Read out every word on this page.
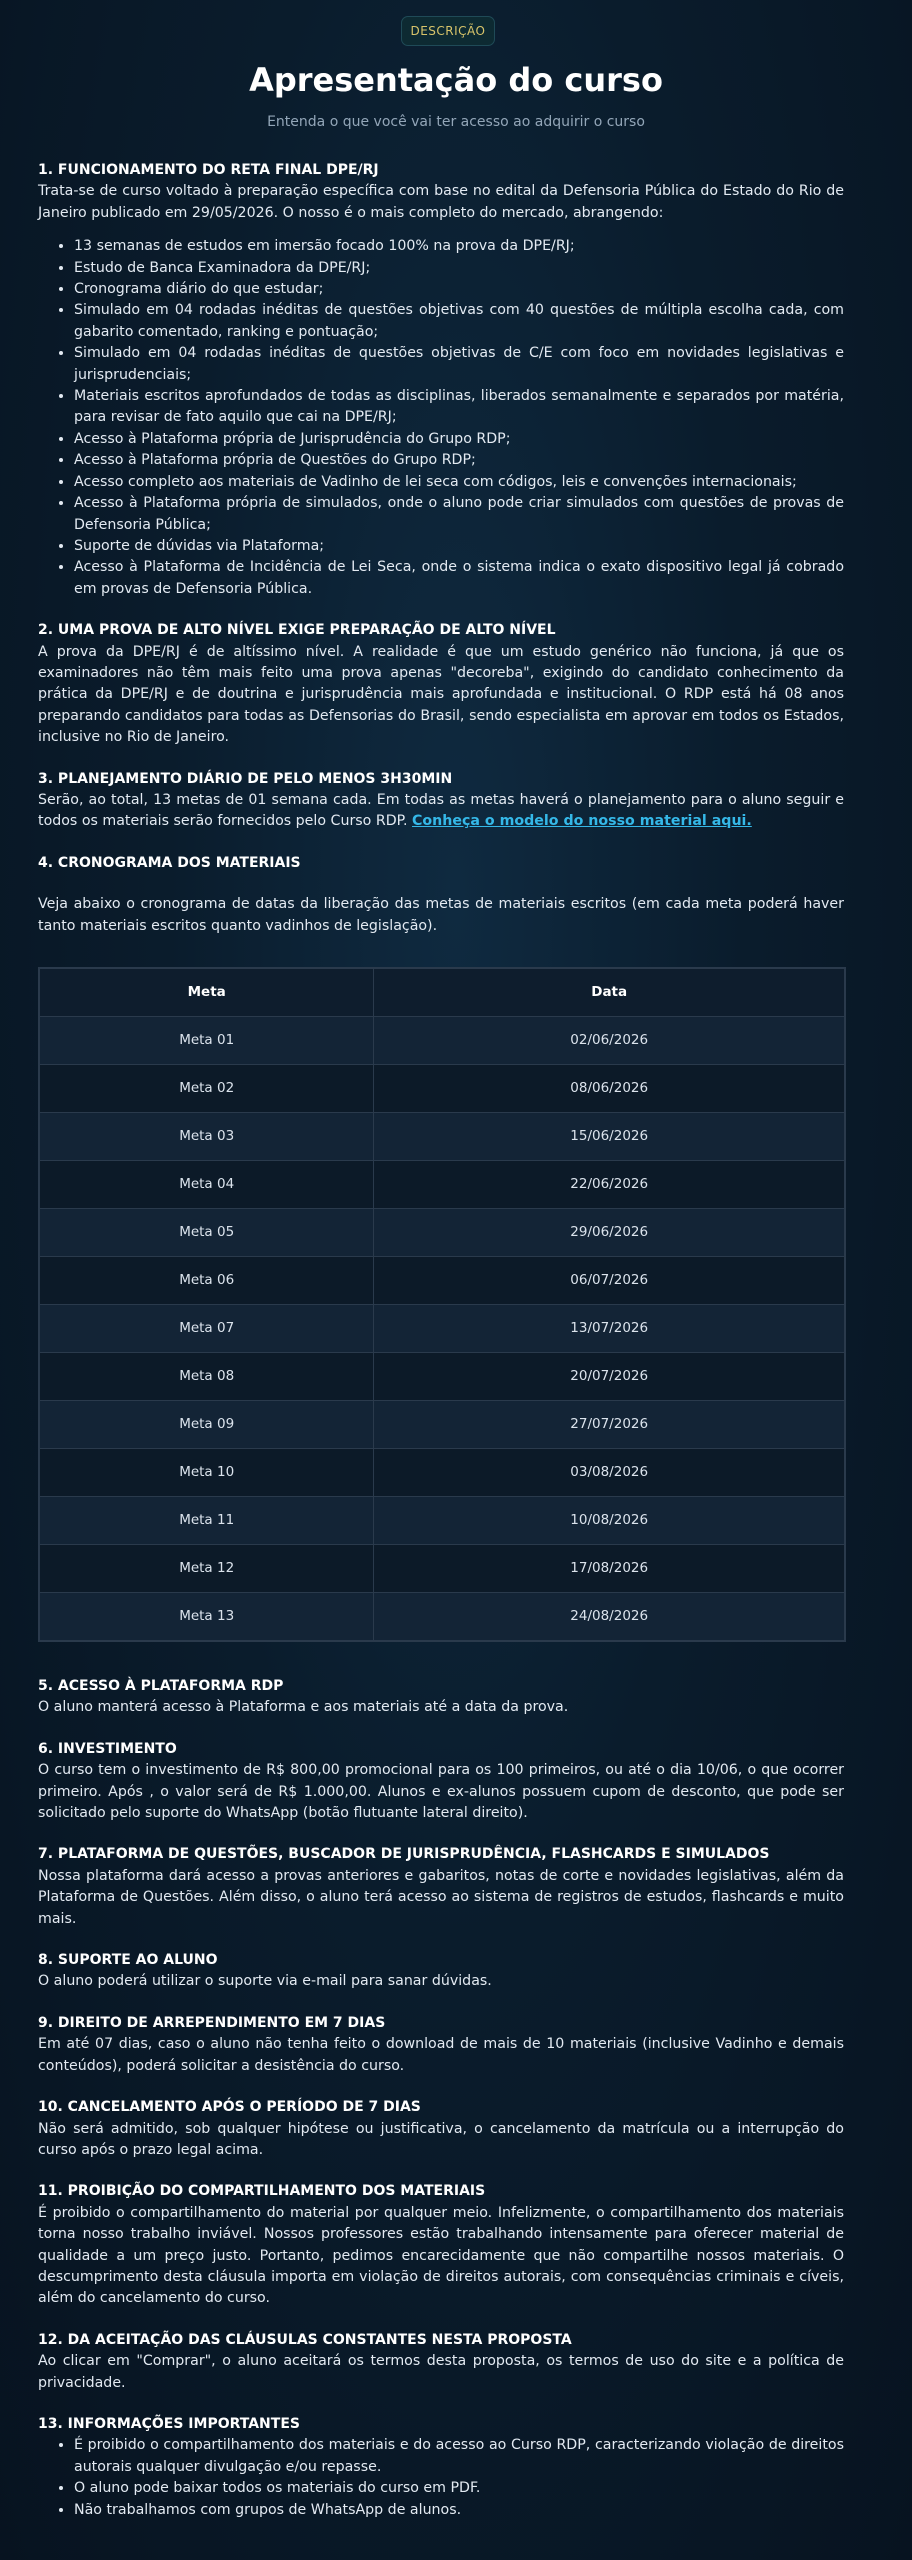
DESCRIÇÃO
Apresentação do curso
Entenda o que você vai ter acesso ao adquirir o curso

1. FUNCIONAMENTO DO RETA FINAL DPE/RJ

Trata-se de curso voltado à preparação específica com base no edital da Defensoria Pública do Estado do Rio de Janeiro publicado em 29/05/2026. O nosso é o mais completo do mercado, abrangendo:

• 13 semanas de estudos em imersão focado 100% na prova da DPE/RJ;
• Estudo de Banca Examinadora da DPE/RJ;
• Cronograma diário do que estudar;
• Simulado em 04 rodadas inéditas de questões objetivas com 40 questões de múltipla escolha cada, com gabarito comentado, ranking e pontuação;
• Simulado em 04 rodadas inéditas de questões objetivas de C/E com foco em novidades legislativas e jurisprudenciais;
• Materiais escritos aprofundados de todas as disciplinas, liberados semanalmente e separados por matéria, para revisar de fato aquilo que cai na DPE/RJ;
• Acesso à Plataforma própria de Jurisprudência do Grupo RDP;
• Acesso à Plataforma própria de Questões do Grupo RDP;
• Acesso completo aos materiais de Vadinho de lei seca com códigos, leis e convenções internacionais;
• Acesso à Plataforma própria de simulados, onde o aluno pode criar simulados com questões de provas de Defensoria Pública;
• Suporte de dúvidas via Plataforma;
• Acesso à Plataforma de Incidência de Lei Seca, onde o sistema indica o exato dispositivo legal já cobrado em provas de Defensoria Pública.

2. UMA PROVA DE ALTO NÍVEL EXIGE PREPARAÇÃO DE ALTO NÍVEL

A prova da DPE/RJ é de altíssimo nível. A realidade é que um estudo genérico não funciona, já que os examinadores não têm mais feito uma prova apenas "decoreba", exigindo do candidato conhecimento da prática da DPE/RJ e de doutrina e jurisprudência mais aprofundada e institucional. O RDP está há 08 anos preparando candidatos para todas as Defensorias do Brasil, sendo especialista em aprovar em todos os Estados, inclusive no Rio de Janeiro.

3. PLANEJAMENTO DIÁRIO DE PELO MENOS 3H30MIN

Serão, ao total, 13 metas de 01 semana cada. Em todas as metas haverá o planejamento para o aluno seguir e todos os materiais serão fornecidos pelo Curso RDP. Conheça o modelo do nosso material aqui.

4. CRONOGRAMA DOS MATERIAIS

Veja abaixo o cronograma de datas da liberação das metas de materiais escritos (em cada meta poderá haver tanto materiais escritos quanto vadinhos de legislação).

Meta	Data
Meta 01	02/06/2026
Meta 02	08/06/2026
Meta 03	15/06/2026
Meta 04	22/06/2026
Meta 05	29/06/2026
Meta 06	06/07/2026
Meta 07	13/07/2026
Meta 08	20/07/2026
Meta 09	27/07/2026
Meta 10	03/08/2026
Meta 11	10/08/2026
Meta 12	17/08/2026
Meta 13	24/08/2026

5. ACESSO À PLATAFORMA RDP

O aluno manterá acesso à Plataforma e aos materiais até a data da prova.

6. INVESTIMENTO

O curso tem o investimento de R$ 800,00 promocional para os 100 primeiros, ou até o dia 10/06, o que ocorrer primeiro. Após , o valor será de R$ 1.000,00. Alunos e ex-alunos possuem cupom de desconto, que pode ser solicitado pelo suporte do WhatsApp (botão flutuante lateral direito).

7. PLATAFORMA DE QUESTÕES, BUSCADOR DE JURISPRUDÊNCIA, FLASHCARDS E SIMULADOS

Nossa plataforma dará acesso a provas anteriores e gabaritos, notas de corte e novidades legislativas, além da Plataforma de Questões. Além disso, o aluno terá acesso ao sistema de registros de estudos, flashcards e muito mais.

8. SUPORTE AO ALUNO

O aluno poderá utilizar o suporte via e-mail para sanar dúvidas.

9. DIREITO DE ARREPENDIMENTO EM 7 DIAS

Em até 07 dias, caso o aluno não tenha feito o download de mais de 10 materiais (inclusive Vadinho e demais conteúdos), poderá solicitar a desistência do curso.

10. CANCELAMENTO APÓS O PERÍODO DE 7 DIAS

Não será admitido, sob qualquer hipótese ou justificativa, o cancelamento da matrícula ou a interrupção do curso após o prazo legal acima.

11. PROIBIÇÃO DO COMPARTILHAMENTO DOS MATERIAIS

É proibido o compartilhamento do material por qualquer meio. Infelizmente, o compartilhamento dos materiais torna nosso trabalho inviável. Nossos professores estão trabalhando intensamente para oferecer material de qualidade a um preço justo. Portanto, pedimos encarecidamente que não compartilhe nossos materiais. O descumprimento desta cláusula importa em violação de direitos autorais, com consequências criminais e cíveis, além do cancelamento do curso.

12. DA ACEITAÇÃO DAS CLÁUSULAS CONSTANTES NESTA PROPOSTA

Ao clicar em "Comprar", o aluno aceitará os termos desta proposta, os termos de uso do site e a política de privacidade.

13. INFORMAÇÕES IMPORTANTES

• É proibido o compartilhamento dos materiais e do acesso ao Curso RDP, caracterizando violação de direitos autorais qualquer divulgação e/ou repasse.
• O aluno pode baixar todos os materiais do curso em PDF.
• Não trabalhamos com grupos de WhatsApp de alunos.
